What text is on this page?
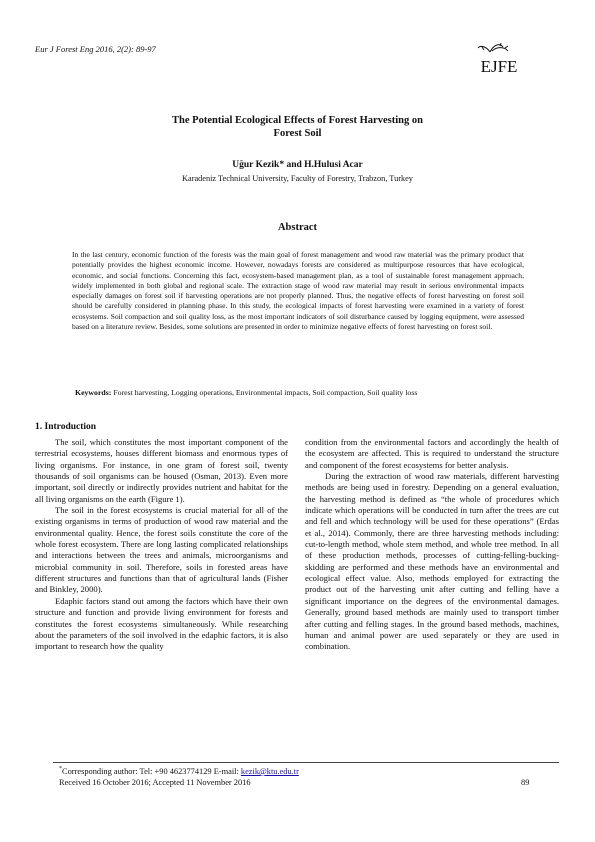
Eur J Forest Eng 2016, 2(2): 89-97
EJFE
The Potential Ecological Effects of Forest Harvesting on
Forest Soil
Uğur Kezik* and H.Hulusi Acar
Karadeniz Technical University, Faculty of Forestry, Trabzon, Turkey
Abstract
In the last century, economic function of the forests was the main goal of forest management and wood raw material was the primary product that potentially provides the highest economic income. However, nowadays forests are considered as multipurpose resources that have ecological, economic, and social functions. Concerning this fact, ecosystem-based management plan, as a tool of sustainable forest management approach, widely implemented in both global and regional scale. The extraction stage of wood raw material may result in serious environmental impacts especially damages on forest soil if harvesting operations are not properly planned. Thus, the negative effects of forest harvesting on forest soil should be carefully considered in planning phase. In this study, the ecological impacts of forest harvesting were examined in a variety of forest ecosystems. Soil compaction and soil quality loss, as the most important indicators of soil disturbance caused by logging equipment, were assessed based on a literature review. Besides, some solutions are presented in order to minimize negative effects of forest harvesting on forest soil.
Keywords: Forest harvesting, Logging operations, Environmental impacts, Soil compaction, Soil quality loss
1. Introduction

The soil, which constitutes the most important component of the terrestrial ecosystems, houses different biomass and enormous types of living organisms. For instance, in one gram of forest soil, twenty thousands of soil organisms can be housed (Osman, 2013). Even more important, soil directly or indirectly provides nutrient and habitat for the all living organisms on the earth (Figure 1).

The soil in the forest ecosystems is crucial material for all of the existing organisms in terms of production of wood raw material and the environmental quality. Hence, the forest soils constitute the core of the whole forest ecosystem. There are long lasting complicated relationships and interactions between the trees and animals, microorganisms and microbial community in soil. Therefore, soils in forested areas have different structures and functions than that of agricultural lands (Fisher and Binkley, 2000).

Edaphic factors stand out among the factors which have their own structure and function and provide living environment for forests and constitutes the forest ecosystems simultaneously. While researching about the parameters of the soil involved in the edaphic factors, it is also important to research how the quality

condition from the environmental factors and accordingly the health of the ecosystem are affected. This is required to understand the structure and component of the forest ecosystems for better analysis.

During the extraction of wood raw materials, different harvesting methods are being used in forestry. Depending on a general evaluation, the harvesting method is defined as “the whole of procedures which indicate which operations will be conducted in turn after the trees are cut and fell and which technology will be used for these operations” (Erdas et al., 2014). Commonly, there are three harvesting methods including: cut-to-length method, whole stem method, and whole tree method. In all of these production methods, processes of cutting-felling-bucking-skidding are performed and these methods have an environmental and ecological effect value. Also, methods employed for extracting the product out of the harvesting unit after cutting and felling have a significant importance on the degrees of the environmental damages. Generally, ground based methods are mainly used to transport timber after cutting and felling stages. In the ground based methods, machines, human and animal power are used separately or they are used in combination.

*Corresponding author: Tel: +90 4623774129 E-mail: kezik@ktu.edu.tr
Received 16 October 2016; Accepted 11 November 2016	89
